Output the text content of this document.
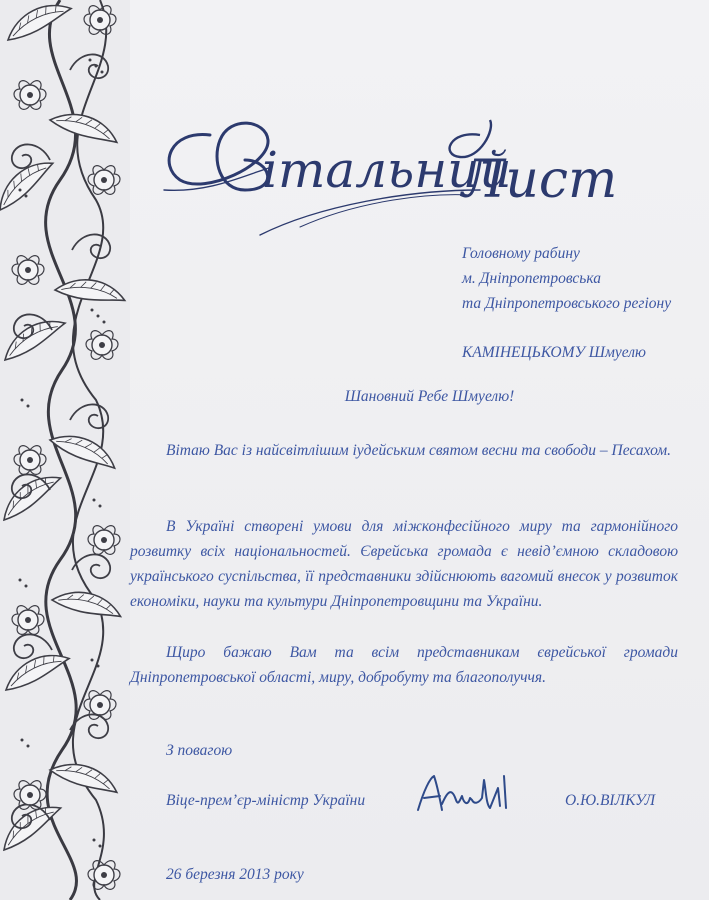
італьний
Лист
Головному рабину
м. Дніпропетровська
та Дніпропетровського регіону
КАМІНЕЦЬКОМУ Шмуелю
Шановний Ребе Шмуелю!
Вітаю Вас із найсвітлішим іудейським святом весни та свободи – Песахом.
В Україні створені умови для міжконфесійного миру та гармонійного розвитку всіх національностей. Єврейська громада є невід’ємною складовою українського суспільства, її представники здійснюють вагомий внесок у розвиток економіки, науки та культури Дніпропетровщини та України.
Щиро бажаю Вам та всім представникам єврейської громади Дніпропетровської області, миру, добробуту та благополуччя.
З повагою
Віце-прем’єр-міністр України	О.Ю.ВІЛКУЛ
26 березня 2013 року
